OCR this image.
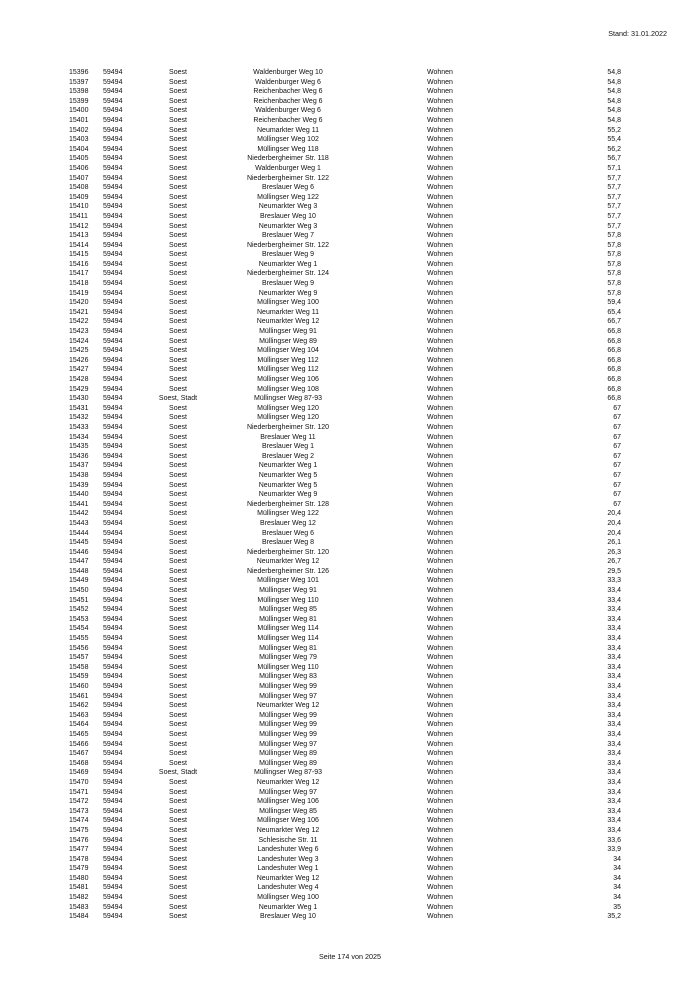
Stand: 31.01.2022
15396 59494	Soest	Waldenburger Weg 10	Wohnen	54,8
15397 59494	Soest	Waldenburger Weg 6	Wohnen	54,8
15398 59494	Soest	Reichenbacher Weg 6	Wohnen	54,8
15399 59494	Soest	Reichenbacher Weg 6	Wohnen	54,8
15400 59494	Soest	Waldenburger Weg 6	Wohnen	54,8
15401 59494	Soest	Reichenbacher Weg 6	Wohnen	54,8
15402 59494	Soest	Neumarkter Weg 11	Wohnen	55,2
15403 59494	Soest	Müllingser Weg 102	Wohnen	55,4
15404 59494	Soest	Müllingser Weg 118	Wohnen	56,2
15405 59494	Soest	Niederbergheimer Str. 118	Wohnen	56,7
15406 59494	Soest	Waldenburger Weg 1	Wohnen	57,1
15407 59494	Soest	Niederbergheimer Str. 122	Wohnen	57,7
15408 59494	Soest	Breslauer Weg 6	Wohnen	57,7
15409 59494	Soest	Müllingser Weg 122	Wohnen	57,7
15410 59494	Soest	Neumarkter Weg 3	Wohnen	57,7
15411 59494	Soest	Breslauer Weg 10	Wohnen	57,7
15412 59494	Soest	Neumarkter Weg 3	Wohnen	57,7
15413 59494	Soest	Breslauer Weg 7	Wohnen	57,8
15414 59494	Soest	Niederbergheimer Str. 122	Wohnen	57,8
15415 59494	Soest	Breslauer Weg 9	Wohnen	57,8
15416 59494	Soest	Neumarkter Weg 1	Wohnen	57,8
15417 59494	Soest	Niederbergheimer Str. 124	Wohnen	57,8
15418 59494	Soest	Breslauer Weg 9	Wohnen	57,8
15419 59494	Soest	Neumarkter Weg 9	Wohnen	57,8
15420 59494	Soest	Müllingser Weg 100	Wohnen	59,4
15421 59494	Soest	Neumarkter Weg 11	Wohnen	65,4
15422 59494	Soest	Neumarkter Weg 12	Wohnen	66,7
15423 59494	Soest	Müllingser Weg 91	Wohnen	66,8
15424 59494	Soest	Müllingser Weg 89	Wohnen	66,8
15425 59494	Soest	Müllingser Weg 104	Wohnen	66,8
15426 59494	Soest	Müllingser Weg 112	Wohnen	66,8
15427 59494	Soest	Müllingser Weg 112	Wohnen	66,8
15428 59494	Soest	Müllingser Weg 106	Wohnen	66,8
15429 59494	Soest	Müllingser Weg 108	Wohnen	66,8
15430 59494	Soest, Stadt	Müllingser Weg 87-93	Wohnen	66,8
15431 59494	Soest	Müllingser Weg 120	Wohnen	67
15432 59494	Soest	Müllingser Weg 120	Wohnen	67
15433 59494	Soest	Niederbergheimer Str. 120	Wohnen	67
15434 59494	Soest	Breslauer Weg 11	Wohnen	67
15435 59494	Soest	Breslauer Weg 1	Wohnen	67
15436 59494	Soest	Breslauer Weg 2	Wohnen	67
15437 59494	Soest	Neumarkter Weg 1	Wohnen	67
15438 59494	Soest	Neumarkter Weg 5	Wohnen	67
15439 59494	Soest	Neumarkter Weg 5	Wohnen	67
15440 59494	Soest	Neumarkter Weg 9	Wohnen	67
15441 59494	Soest	Niederbergheimer Str. 128	Wohnen	67
15442 59494	Soest	Müllingser Weg 122	Wohnen	20,4
15443 59494	Soest	Breslauer Weg 12	Wohnen	20,4
15444 59494	Soest	Breslauer Weg 6	Wohnen	20,4
15445 59494	Soest	Breslauer Weg 8	Wohnen	26,1
15446 59494	Soest	Niederbergheimer Str. 120	Wohnen	26,3
15447 59494	Soest	Neumarkter Weg 12	Wohnen	26,7
15448 59494	Soest	Niederbergheimer Str. 126	Wohnen	29,5
15449 59494	Soest	Müllingser Weg 101	Wohnen	33,3
15450 59494	Soest	Müllingser Weg 91	Wohnen	33,4
15451 59494	Soest	Müllingser Weg 110	Wohnen	33,4
15452 59494	Soest	Müllingser Weg 85	Wohnen	33,4
15453 59494	Soest	Müllingser Weg 81	Wohnen	33,4
15454 59494	Soest	Müllingser Weg 114	Wohnen	33,4
15455 59494	Soest	Müllingser Weg 114	Wohnen	33,4
15456 59494	Soest	Müllingser Weg 81	Wohnen	33,4
15457 59494	Soest	Müllingser Weg 79	Wohnen	33,4
15458 59494	Soest	Müllingser Weg 110	Wohnen	33,4
15459 59494	Soest	Müllingser Weg 83	Wohnen	33,4
15460 59494	Soest	Müllingser Weg 99	Wohnen	33,4
15461 59494	Soest	Müllingser Weg 97	Wohnen	33,4
15462 59494	Soest	Neumarkter Weg 12	Wohnen	33,4
15463 59494	Soest	Müllingser Weg 99	Wohnen	33,4
15464 59494	Soest	Müllingser Weg 99	Wohnen	33,4
15465 59494	Soest	Müllingser Weg 99	Wohnen	33,4
15466 59494	Soest	Müllingser Weg 97	Wohnen	33,4
15467 59494	Soest	Müllingser Weg 89	Wohnen	33,4
15468 59494	Soest	Müllingser Weg 89	Wohnen	33,4
15469 59494	Soest, Stadt	Müllingser Weg 87-93	Wohnen	33,4
15470 59494	Soest	Neumarkter Weg 12	Wohnen	33,4
15471 59494	Soest	Müllingser Weg 97	Wohnen	33,4
15472 59494	Soest	Müllingser Weg 106	Wohnen	33,4
15473 59494	Soest	Müllingser Weg 85	Wohnen	33,4
15474 59494	Soest	Müllingser Weg 106	Wohnen	33,4
15475 59494	Soest	Neumarkter Weg 12	Wohnen	33,4
15476 59494	Soest	Schlesische Str. 11	Wohnen	33,6
15477 59494	Soest	Landeshuter Weg 6	Wohnen	33,9
15478 59494	Soest	Landeshuter Weg 3	Wohnen	34
15479 59494	Soest	Landeshuter Weg 1	Wohnen	34
15480 59494	Soest	Neumarkter Weg 12	Wohnen	34
15481 59494	Soest	Landeshuter Weg 4	Wohnen	34
15482 59494	Soest	Müllingser Weg 100	Wohnen	34
15483 59494	Soest	Neumarkter Weg 1	Wohnen	35
15484 59494	Soest	Breslauer Weg 10	Wohnen	35,2
Seite 174 von 2025
